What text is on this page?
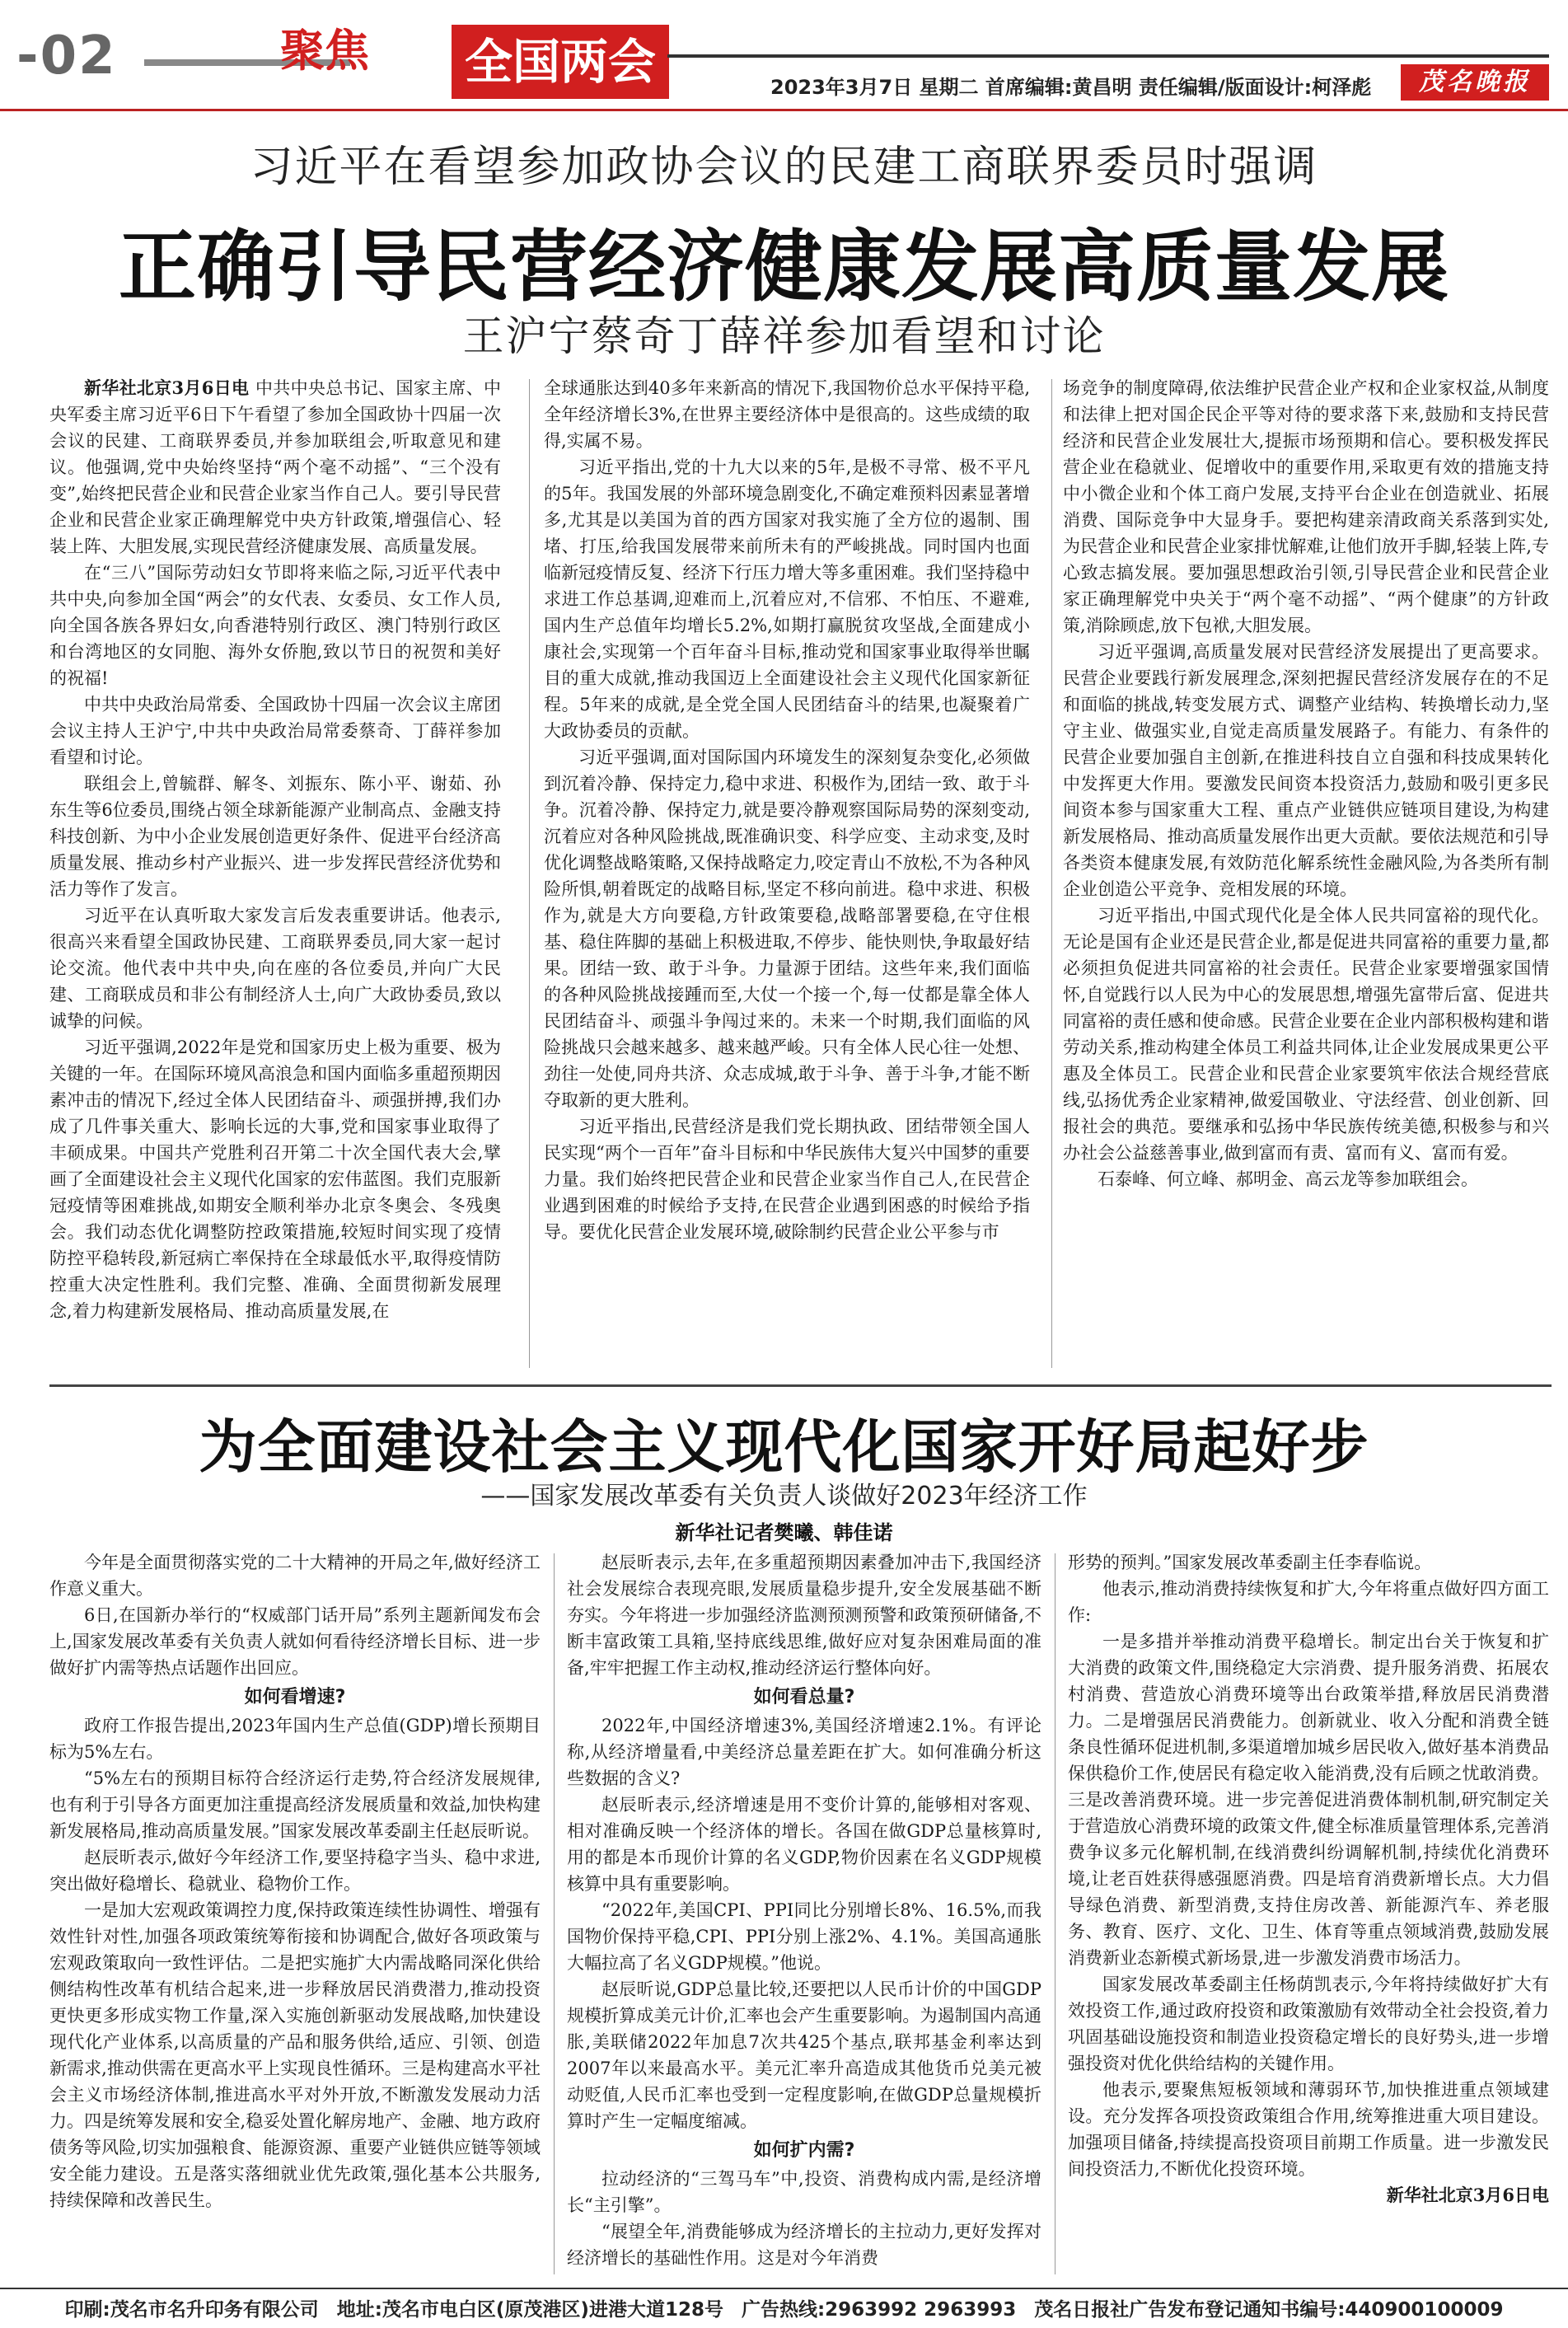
-02	聚焦 全国两会	2023年3月7日 星期二 首席编辑:黄昌明 责任编辑/版面设计:柯泽彪	茂名晚报
习近平在看望参加政协会议的民建工商联界委员时强调
正确引导民营经济健康发展高质量发展
王沪宁蔡奇丁薛祥参加看望和讨论

新华社北京3月6日电 中共中央总书记、国家主席、中央军委主席习近平6日下午看望了参加全国政协十四届一次会议的民建、工商联界委员,并参加联组会,听取意见和建议。他强调,党中央始终坚持“两个毫不动摇”、“三个没有变”,始终把民营企业和民营企业家当作自己人。要引导民营企业和民营企业家正确理解党中央方针政策,增强信心、轻装上阵、大胆发展,实现民营经济健康发展、高质量发展。

在“三八”国际劳动妇女节即将来临之际,习近平代表中共中央,向参加全国“两会”的女代表、女委员、女工作人员,向全国各族各界妇女,向香港特别行政区、澳门特别行政区和台湾地区的女同胞、海外女侨胞,致以节日的祝贺和美好的祝福!

中共中央政治局常委、全国政协十四届一次会议主席团会议主持人王沪宁,中共中央政治局常委蔡奇、丁薛祥参加看望和讨论。

联组会上,曾毓群、解冬、刘振东、陈小平、谢茹、孙东生等6位委员,围绕占领全球新能源产业制高点、金融支持科技创新、为中小企业发展创造更好条件、促进平台经济高质量发展、推动乡村产业振兴、进一步发挥民营经济优势和活力等作了发言。

习近平在认真听取大家发言后发表重要讲话。他表示,很高兴来看望全国政协民建、工商联界委员,同大家一起讨论交流。他代表中共中央,向在座的各位委员,并向广大民建、工商联成员和非公有制经济人士,向广大政协委员,致以诚挚的问候。

习近平强调,2022年是党和国家历史上极为重要、极为关键的一年。在国际环境风高浪急和国内面临多重超预期因素冲击的情况下,经过全体人民团结奋斗、顽强拼搏,我们办成了几件事关重大、影响长远的大事,党和国家事业取得了丰硕成果。中国共产党胜利召开第二十次全国代表大会,擘画了全面建设社会主义现代化国家的宏伟蓝图。我们克服新冠疫情等困难挑战,如期安全顺利举办北京冬奥会、冬残奥会。我们动态优化调整防控政策措施,较短时间实现了疫情防控平稳转段,新冠病亡率保持在全球最低水平,取得疫情防控重大决定性胜利。我们完整、准确、全面贯彻新发展理念,着力构建新发展格局、推动高质量发展,在

全球通胀达到40多年来新高的情况下,我国物价总水平保持平稳,全年经济增长3%,在世界主要经济体中是很高的。这些成绩的取得,实属不易。

习近平指出,党的十九大以来的5年,是极不寻常、极不平凡的5年。我国发展的外部环境急剧变化,不确定难预料因素显著增多,尤其是以美国为首的西方国家对我实施了全方位的遏制、围堵、打压,给我国发展带来前所未有的严峻挑战。同时国内也面临新冠疫情反复、经济下行压力增大等多重困难。我们坚持稳中求进工作总基调,迎难而上,沉着应对,不信邪、不怕压、不避难,国内生产总值年均增长5.2%,如期打赢脱贫攻坚战,全面建成小康社会,实现第一个百年奋斗目标,推动党和国家事业取得举世瞩目的重大成就,推动我国迈上全面建设社会主义现代化国家新征程。5年来的成就,是全党全国人民团结奋斗的结果,也凝聚着广大政协委员的贡献。

习近平强调,面对国际国内环境发生的深刻复杂变化,必须做到沉着冷静、保持定力,稳中求进、积极作为,团结一致、敢于斗争。沉着冷静、保持定力,就是要冷静观察国际局势的深刻变动,沉着应对各种风险挑战,既准确识变、科学应变、主动求变,及时优化调整战略策略,又保持战略定力,咬定青山不放松,不为各种风险所惧,朝着既定的战略目标,坚定不移向前进。稳中求进、积极作为,就是大方向要稳,方针政策要稳,战略部署要稳,在守住根基、稳住阵脚的基础上积极进取,不停步、能快则快,争取最好结果。团结一致、敢于斗争。力量源于团结。这些年来,我们面临的各种风险挑战接踵而至,大仗一个接一个,每一仗都是靠全体人民团结奋斗、顽强斗争闯过来的。未来一个时期,我们面临的风险挑战只会越来越多、越来越严峻。只有全体人民心往一处想、劲往一处使,同舟共济、众志成城,敢于斗争、善于斗争,才能不断夺取新的更大胜利。

习近平指出,民营经济是我们党长期执政、团结带领全国人民实现“两个一百年”奋斗目标和中华民族伟大复兴中国梦的重要力量。我们始终把民营企业和民营企业家当作自己人,在民营企业遇到困难的时候给予支持,在民营企业遇到困惑的时候给予指导。要优化民营企业发展环境,破除制约民营企业公平参与市

场竞争的制度障碍,依法维护民营企业产权和企业家权益,从制度和法律上把对国企民企平等对待的要求落下来,鼓励和支持民营经济和民营企业发展壮大,提振市场预期和信心。要积极发挥民营企业在稳就业、促增收中的重要作用,采取更有效的措施支持中小微企业和个体工商户发展,支持平台企业在创造就业、拓展消费、国际竞争中大显身手。要把构建亲清政商关系落到实处,为民营企业和民营企业家排忧解难,让他们放开手脚,轻装上阵,专心致志搞发展。要加强思想政治引领,引导民营企业和民营企业家正确理解党中央关于“两个毫不动摇”、“两个健康”的方针政策,消除顾虑,放下包袱,大胆发展。

习近平强调,高质量发展对民营经济发展提出了更高要求。民营企业要践行新发展理念,深刻把握民营经济发展存在的不足和面临的挑战,转变发展方式、调整产业结构、转换增长动力,坚守主业、做强实业,自觉走高质量发展路子。有能力、有条件的民营企业要加强自主创新,在推进科技自立自强和科技成果转化中发挥更大作用。要激发民间资本投资活力,鼓励和吸引更多民间资本参与国家重大工程、重点产业链供应链项目建设,为构建新发展格局、推动高质量发展作出更大贡献。要依法规范和引导各类资本健康发展,有效防范化解系统性金融风险,为各类所有制企业创造公平竞争、竞相发展的环境。

习近平指出,中国式现代化是全体人民共同富裕的现代化。无论是国有企业还是民营企业,都是促进共同富裕的重要力量,都必须担负促进共同富裕的社会责任。民营企业家要增强家国情怀,自觉践行以人民为中心的发展思想,增强先富带后富、促进共同富裕的责任感和使命感。民营企业要在企业内部积极构建和谐劳动关系,推动构建全体员工利益共同体,让企业发展成果更公平惠及全体员工。民营企业和民营企业家要筑牢依法合规经营底线,弘扬优秀企业家精神,做爱国敬业、守法经营、创业创新、回报社会的典范。要继承和弘扬中华民族传统美德,积极参与和兴办社会公益慈善事业,做到富而有责、富而有义、富而有爱。

石泰峰、何立峰、郝明金、高云龙等参加联组会。

为全面建设社会主义现代化国家开好局起好步
——国家发展改革委有关负责人谈做好2023年经济工作
新华社记者樊曦、韩佳诺

今年是全面贯彻落实党的二十大精神的开局之年,做好经济工作意义重大。

6日,在国新办举行的“权威部门话开局”系列主题新闻发布会上,国家发展改革委有关负责人就如何看待经济增长目标、进一步做好扩内需等热点话题作出回应。

如何看增速?

政府工作报告提出,2023年国内生产总值(GDP)增长预期目标为5%左右。

“5%左右的预期目标符合经济运行走势,符合经济发展规律,也有利于引导各方面更加注重提高经济发展质量和效益,加快构建新发展格局,推动高质量发展。”国家发展改革委副主任赵辰昕说。

赵辰昕表示,做好今年经济工作,要坚持稳字当头、稳中求进,突出做好稳增长、稳就业、稳物价工作。

一是加大宏观政策调控力度,保持政策连续性协调性、增强有效性针对性,加强各项政策统筹衔接和协调配合,做好各项政策与宏观政策取向一致性评估。二是把实施扩大内需战略同深化供给侧结构性改革有机结合起来,进一步释放居民消费潜力,推动投资更快更多形成实物工作量,深入实施创新驱动发展战略,加快建设现代化产业体系,以高质量的产品和服务供给,适应、引领、创造新需求,推动供需在更高水平上实现良性循环。三是构建高水平社会主义市场经济体制,推进高水平对外开放,不断激发发展动力活力。四是统筹发展和安全,稳妥处置化解房地产、金融、地方政府债务等风险,切实加强粮食、能源资源、重要产业链供应链等领域安全能力建设。五是落实落细就业优先政策,强化基本公共服务,持续保障和改善民生。

赵辰昕表示,去年,在多重超预期因素叠加冲击下,我国经济社会发展综合表现亮眼,发展质量稳步提升,安全发展基础不断夯实。今年将进一步加强经济监测预测预警和政策预研储备,不断丰富政策工具箱,坚持底线思维,做好应对复杂困难局面的准备,牢牢把握工作主动权,推动经济运行整体向好。

如何看总量?

2022年,中国经济增速3%,美国经济增速2.1%。有评论称,从经济增量看,中美经济总量差距在扩大。如何准确分析这些数据的含义?

赵辰昕表示,经济增速是用不变价计算的,能够相对客观、相对准确反映一个经济体的增长。各国在做GDP总量核算时,用的都是本币现价计算的名义GDP,物价因素在名义GDP规模核算中具有重要影响。

“2022年,美国CPI、PPI同比分别增长8%、16.5%,而我国物价保持平稳,CPI、PPI分别上涨2%、4.1%。美国高通胀大幅拉高了名义GDP规模。”他说。

赵辰昕说,GDP总量比较,还要把以人民币计价的中国GDP规模折算成美元计价,汇率也会产生重要影响。为遏制国内高通胀,美联储2022年加息7次共425个基点,联邦基金利率达到2007年以来最高水平。美元汇率升高造成其他货币兑美元被动贬值,人民币汇率也受到一定程度影响,在做GDP总量规模折算时产生一定幅度缩减。

如何扩内需?

拉动经济的“三驾马车”中,投资、消费构成内需,是经济增长“主引擎”。

“展望全年,消费能够成为经济增长的主拉动力,更好发挥对经济增长的基础性作用。这是对今年消费

形势的预判。”国家发展改革委副主任李春临说。

他表示,推动消费持续恢复和扩大,今年将重点做好四方面工作:

一是多措并举推动消费平稳增长。制定出台关于恢复和扩大消费的政策文件,围绕稳定大宗消费、提升服务消费、拓展农村消费、营造放心消费环境等出台政策举措,释放居民消费潜力。二是增强居民消费能力。创新就业、收入分配和消费全链条良性循环促进机制,多渠道增加城乡居民收入,做好基本消费品保供稳价工作,使居民有稳定收入能消费,没有后顾之忧敢消费。三是改善消费环境。进一步完善促进消费体制机制,研究制定关于营造放心消费环境的政策文件,健全标准质量管理体系,完善消费争议多元化解机制,在线消费纠纷调解机制,持续优化消费环境,让老百姓获得感强愿消费。四是培育消费新增长点。大力倡导绿色消费、新型消费,支持住房改善、新能源汽车、养老服务、教育、医疗、文化、卫生、体育等重点领域消费,鼓励发展消费新业态新模式新场景,进一步激发消费市场活力。

国家发展改革委副主任杨荫凯表示,今年将持续做好扩大有效投资工作,通过政府投资和政策激励有效带动全社会投资,着力巩固基础设施投资和制造业投资稳定增长的良好势头,进一步增强投资对优化供给结构的关键作用。

他表示,要聚焦短板领域和薄弱环节,加快推进重点领域建设。充分发挥各项投资政策组合作用,统筹推进重大项目建设。加强项目储备,持续提高投资项目前期工作质量。进一步激发民间投资活力,不断优化投资环境。

新华社北京3月6日电

印刷:茂名市名升印务有限公司 地址:茂名市电白区(原茂港区)进港大道128号 广告热线:2963992 2963993 茂名日报社广告发布登记通知书编号:440900100009
